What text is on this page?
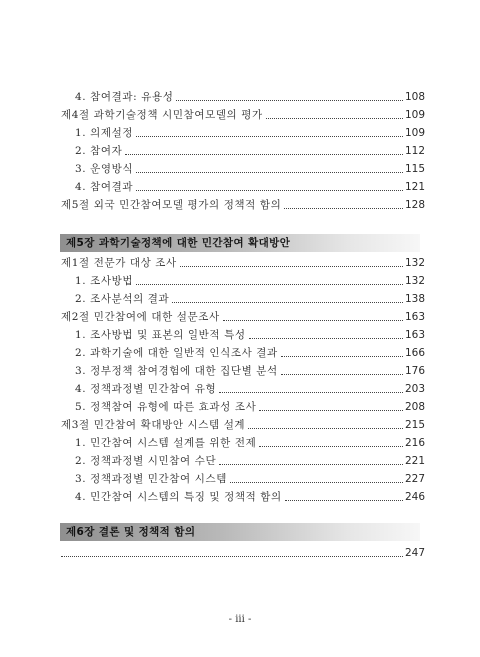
4. 참여결과: 유용성	108
제4절 과학기술정책 시민참여모델의 평가	109
1. 의제설정	109
2. 참여자	112
3. 운영방식	115
4. 참여결과	121
제5절 외국 민간참여모델 평가의 정책적 함의	128
제5장 과학기술정책에 대한 민간참여 확대방안
제1절 전문가 대상 조사	132
1. 조사방법	132
2. 조사분석의 결과	138
제2절 민간참여에 대한 설문조사	163
1. 조사방법 및 표본의 일반적 특성	163
2. 과학기술에 대한 일반적 인식조사 결과	166
3. 정부정책 참여경험에 대한 집단별 분석	176
4. 정책과정별 민간참여 유형	203
5. 정책참여 유형에 따른 효과성 조사	208
제3절 민간참여 확대방안 시스템 설계	215
1. 민간참여 시스템 설계를 위한 전제	216
2. 정책과정별 시민참여 수단	221
3. 정책과정별 민간참여 시스템	227
4. 민간참여 시스템의 특징 및 정책적 함의	246
제6장 결론 및 정책적 함의
247
- iii -
